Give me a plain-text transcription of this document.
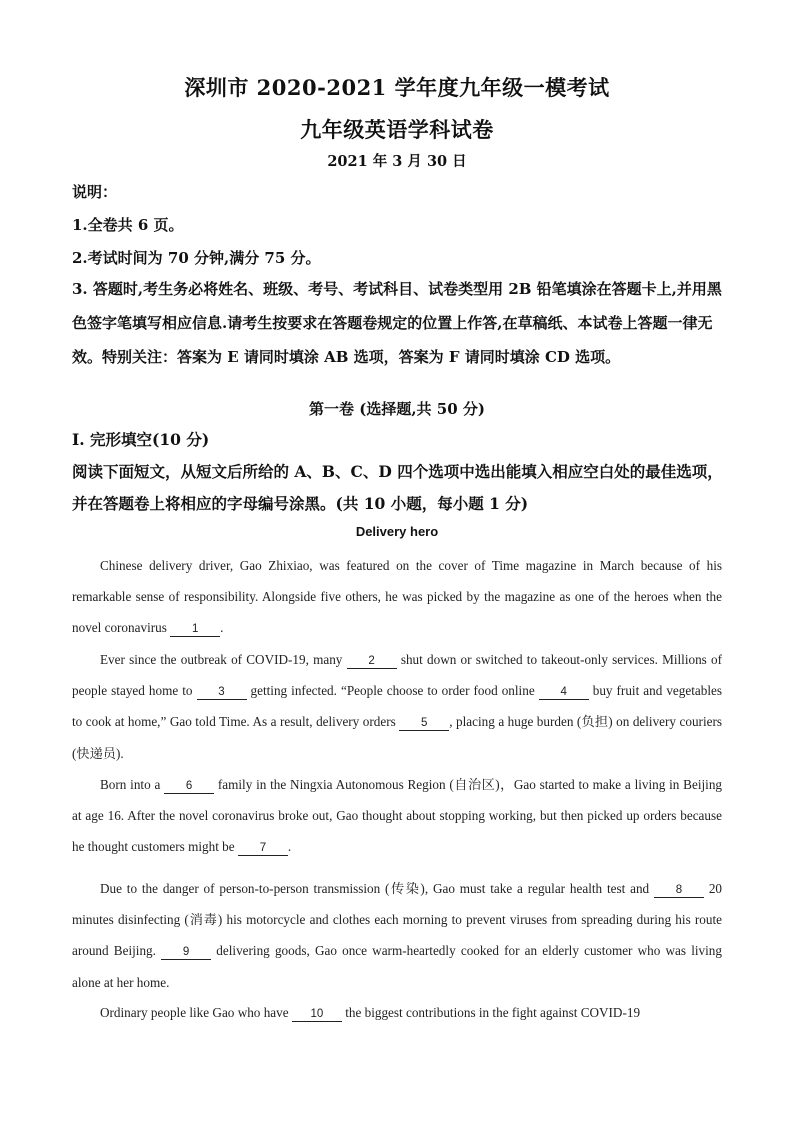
深圳市 2020-2021 学年度九年级一模考试
九年级英语学科试卷
2021 年 3 月 30 日
说明：
1.全卷共 6 页。
2.考试时间为 70 分钟,满分 75 分。
3. 答题时,考生务必将姓名、班级、考号、考试科目、试卷类型用 2B 铅笔填涂在答题卡上,并用黑色签字笔填写相应信息.请考生按要求在答题卷规定的位置上作答,在草稿纸、本试卷上答题一律无效。特别关注：答案为 E 请同时填涂 AB 选项，答案为 F 请同时填涂 CD 选项。
第一卷 (选择题,共 50 分)
I. 完形填空(10 分)
阅读下面短文，从短文后所给的 A、B、C、D 四个选项中选出能填入相应空白处的最佳选项，并在答题卷上将相应的字母编号涂黑。(共 10 小题，每小题 1 分)
Delivery hero
Chinese delivery driver, Gao Zhixiao, was featured on the cover of Time magazine in March because of his remarkable sense of responsibility. Alongside five others, he was picked by the magazine as one of the heroes when the novel coronavirus 1 .
Ever since the outbreak of COVID-19, many 2 shut down or switched to takeout-only services. Millions of people stayed home to 3 getting infected. “People choose to order food online 4 buy fruit and vegetables to cook at home,” Gao told Time. As a result, delivery orders 5 , placing a huge burden (负担) on delivery couriers (快递员).
Born into a 6 family in the Ningxia Autonomous Region (自治区)，Gao started to make a living in Beijing at age 16. After the novel coronavirus broke out, Gao thought about stopping working, but then picked up orders because he thought customers might be 7 .
Due to the danger of person-to-person transmission (传染), Gao must take a regular health test and 8 20 minutes disinfecting (消毒) his motorcycle and clothes each morning to prevent viruses from spreading during his route around Beijing. 9 delivering goods, Gao once warm-heartedly cooked for an elderly customer who was living alone at her home.
Ordinary people like Gao who have 10 the biggest contributions in the fight against COVID-19
